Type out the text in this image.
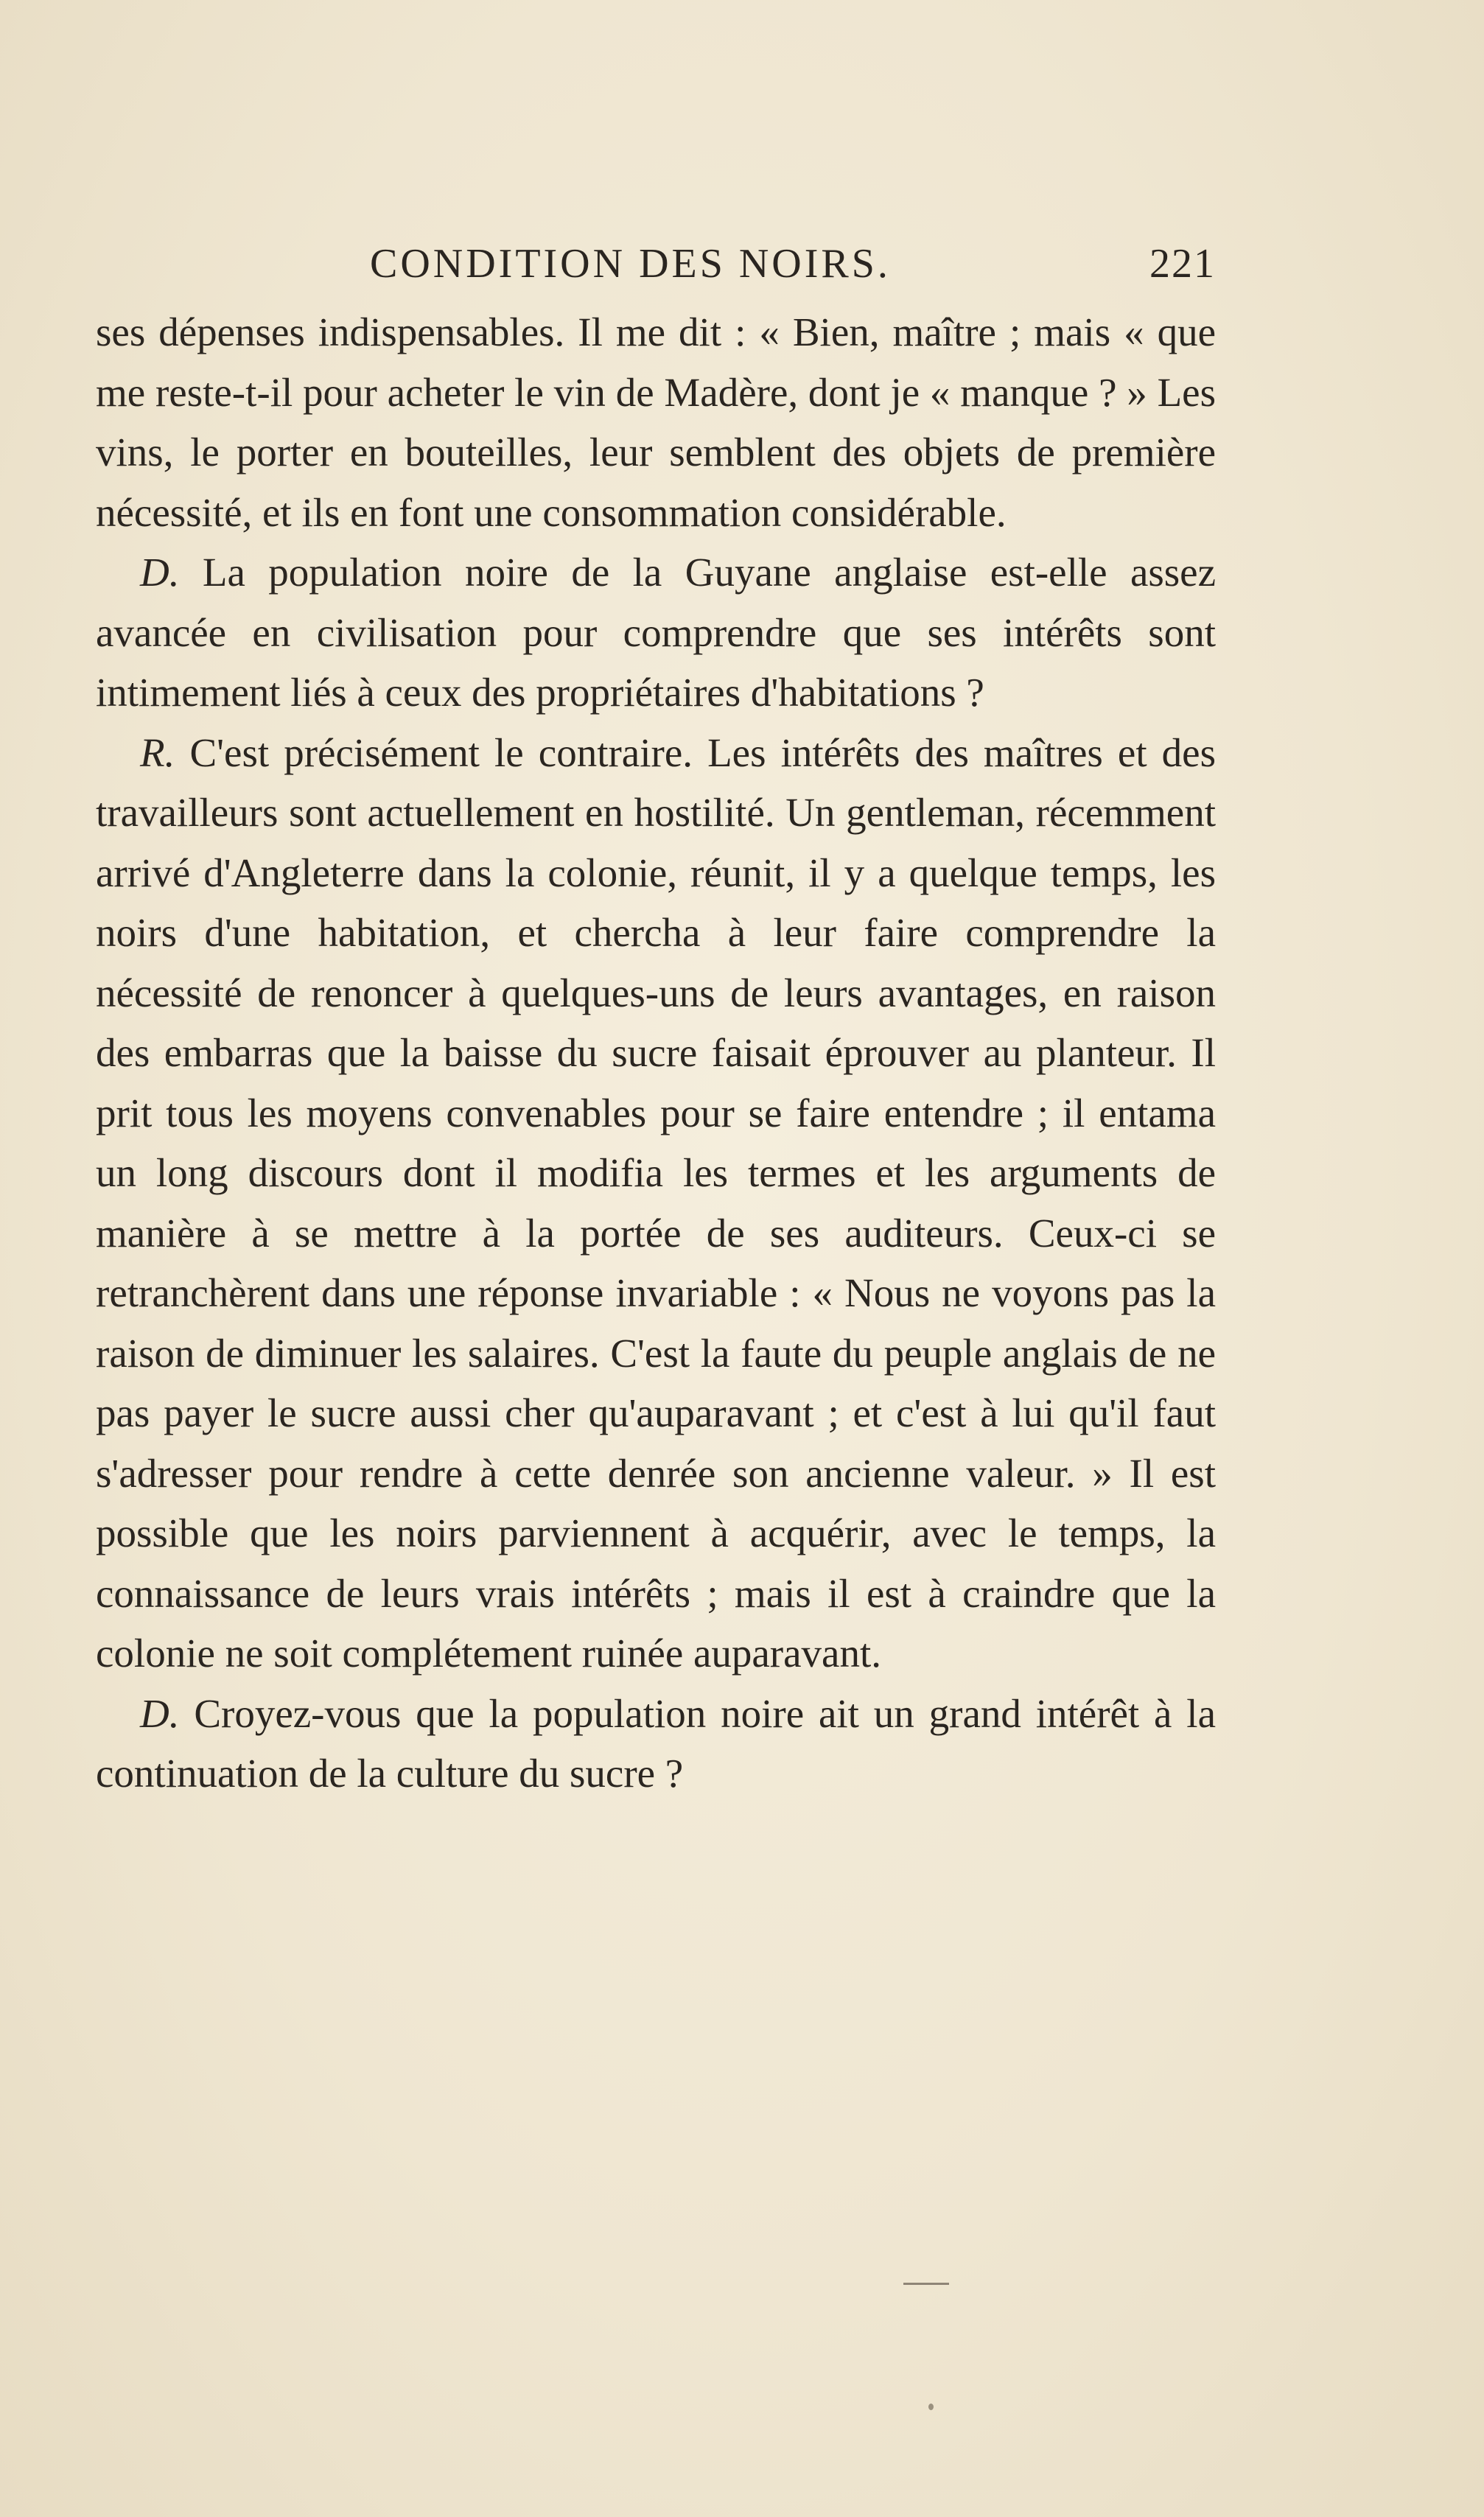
CONDITION DES NOIRS.	221

ses dépenses indispensables. Il me dit : « Bien, maître ; mais « que me reste-t-il pour acheter le vin de Madère, dont je « manque ? » Les vins, le porter en bouteilles, leur semblent des objets de première nécessité, et ils en font une consommation considérable.

D. La population noire de la Guyane anglaise est-elle assez avancée en civilisation pour comprendre que ses intérêts sont intimement liés à ceux des propriétaires d'habitations ?

R. C'est précisément le contraire. Les intérêts des maîtres et des travailleurs sont actuellement en hostilité. Un gentleman, récemment arrivé d'Angleterre dans la colonie, réunit, il y a quelque temps, les noirs d'une habitation, et chercha à leur faire comprendre la nécessité de renoncer à quelques-uns de leurs avantages, en raison des embarras que la baisse du sucre faisait éprouver au planteur. Il prit tous les moyens convenables pour se faire entendre ; il entama un long discours dont il modifia les termes et les arguments de manière à se mettre à la portée de ses auditeurs. Ceux-ci se retranchèrent dans une réponse invariable : « Nous ne voyons pas la raison de diminuer les salaires. C'est la faute du peuple anglais de ne pas payer le sucre aussi cher qu'auparavant ; et c'est à lui qu'il faut s'adresser pour rendre à cette denrée son ancienne valeur. » Il est possible que les noirs parviennent à acquérir, avec le temps, la connaissance de leurs vrais intérêts ; mais il est à craindre que la colonie ne soit complétement ruinée auparavant.

D. Croyez-vous que la population noire ait un grand intérêt à la continuation de la culture du sucre ?
